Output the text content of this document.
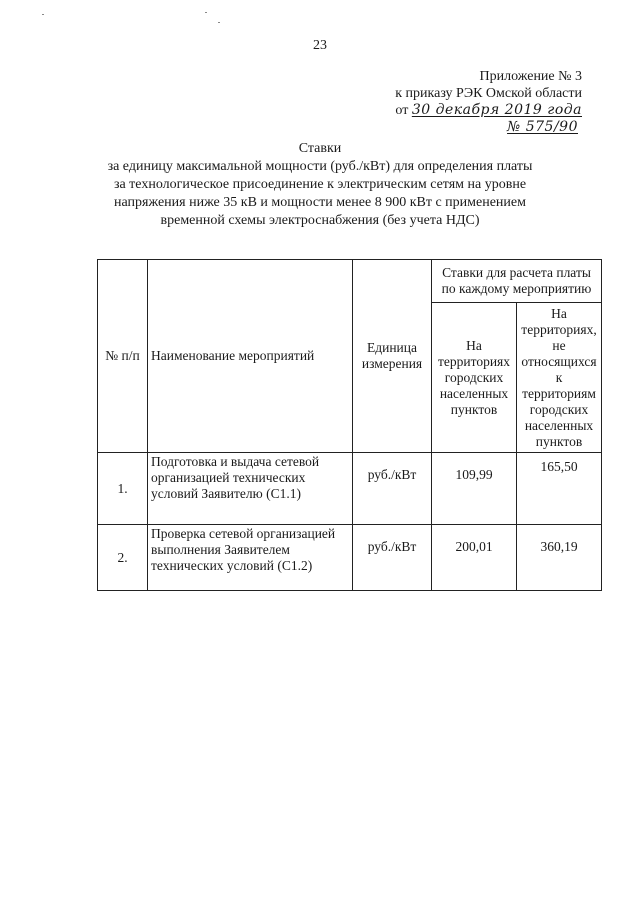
23
Приложение № 3
к приказу РЭК Омской области
от 30 декабря 2019 года
№ 575/90
Ставки
за единицу максимальной мощности (руб./кВт) для определения платы за технологическое присоединение к электрическим сетям на уровне напряжения ниже 35 кВ и мощности менее 8 900 кВт с применением временной схемы электроснабжения (без учета НДС)
№ п/п	Наименование мероприятий	Единица измерения	Ставки для расчета платы по каждому мероприятию	
			На территориях городских населенных пунктов	На территориях, не относящихся к территориям городских населенных пунктов
1.	Подготовка и выдача сетевой организацией технических условий Заявителю (С1.1)	руб./кВт	109,99	165,50
2.	Проверка сетевой организацией выполнения Заявителем технических условий (С1.2)	руб./кВт	200,01	360,19
